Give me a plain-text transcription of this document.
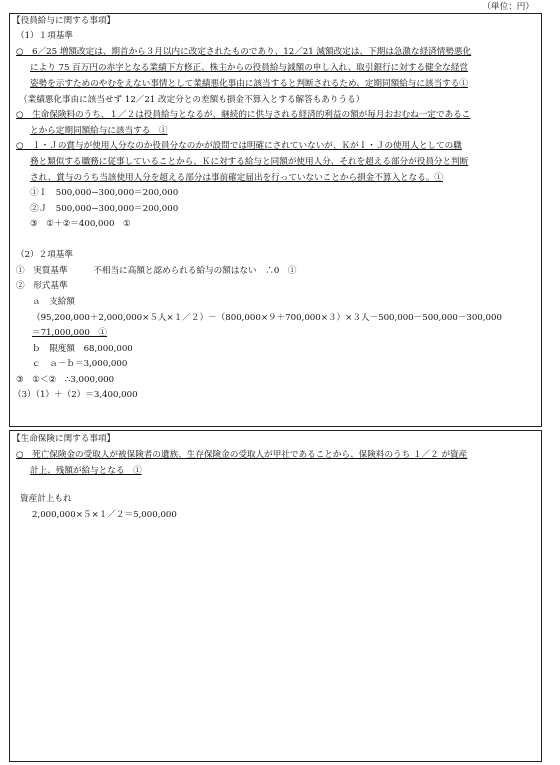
（単位：円）
【役員給与に関する事項】
（1）１項基準
○　6／25 増額改定は、期首から３月以内に改定されたものであり、12／21 減額改定は、下期は急激な経済情勢悪化
により 75 百万円の赤字となる業績下方修正、株主からの役員給与減額の申し入れ、取引銀行に対する健全な経営
姿勢を示すためのやむをえない事情として業績悪化事由に該当すると判断されるため、定期同額給与に該当する①
（業績悪化事由に該当せず 12／21 改定分との差額も損金不算入とする解答もありうる）
○　生命保険料のうち、１／２は役員給与となるが、継続的に供与される経済的利益の額が毎月おおむね一定であるこ
とから定期同額給与に該当する　①
○　Ｉ・Ｊの賞与が使用人分なのか役員分なのかが設問では明確にされていないが、ＫがＩ・Ｊの使用人としての職
務と類似する職務に従事していることから、Ｋに対する給与と同額が使用人分、それを超える部分が役員分と判断
され、賞与のうち当該使用人分を超える部分は事前確定届出を行っていないことから損金不算入となる。①
①Ｉ　500,000−300,000＝200,000
②Ｊ　500,000−300,000＝200,000
③　①＋②＝400,000　①
（2）２項基準
①　実質基準　　　不相当に高額と認められる給与の額はない　∴0　①
②　形式基準
ａ　支給額
（95,200,000＋2,000,000×５人×１／２）－（800,000×９＋700,000×３）×３人－500,000－500,000－300,000
＝71,000,000　①
ｂ　限度額　68,000,000
ｃ　ａ－ｂ＝3,000,000
③　①＜②　∴3,000,000
（3）（1）＋（2）＝3,400,000
【生命保険に関する事項】
○　死亡保険金の受取人が被保険者の遺族、生存保険金の受取人が甲社であることから、保険料のうち １／２ が資産
計上、残額が給与となる　①
資産計上もれ
2,000,000×５×１／２＝5,000,000
